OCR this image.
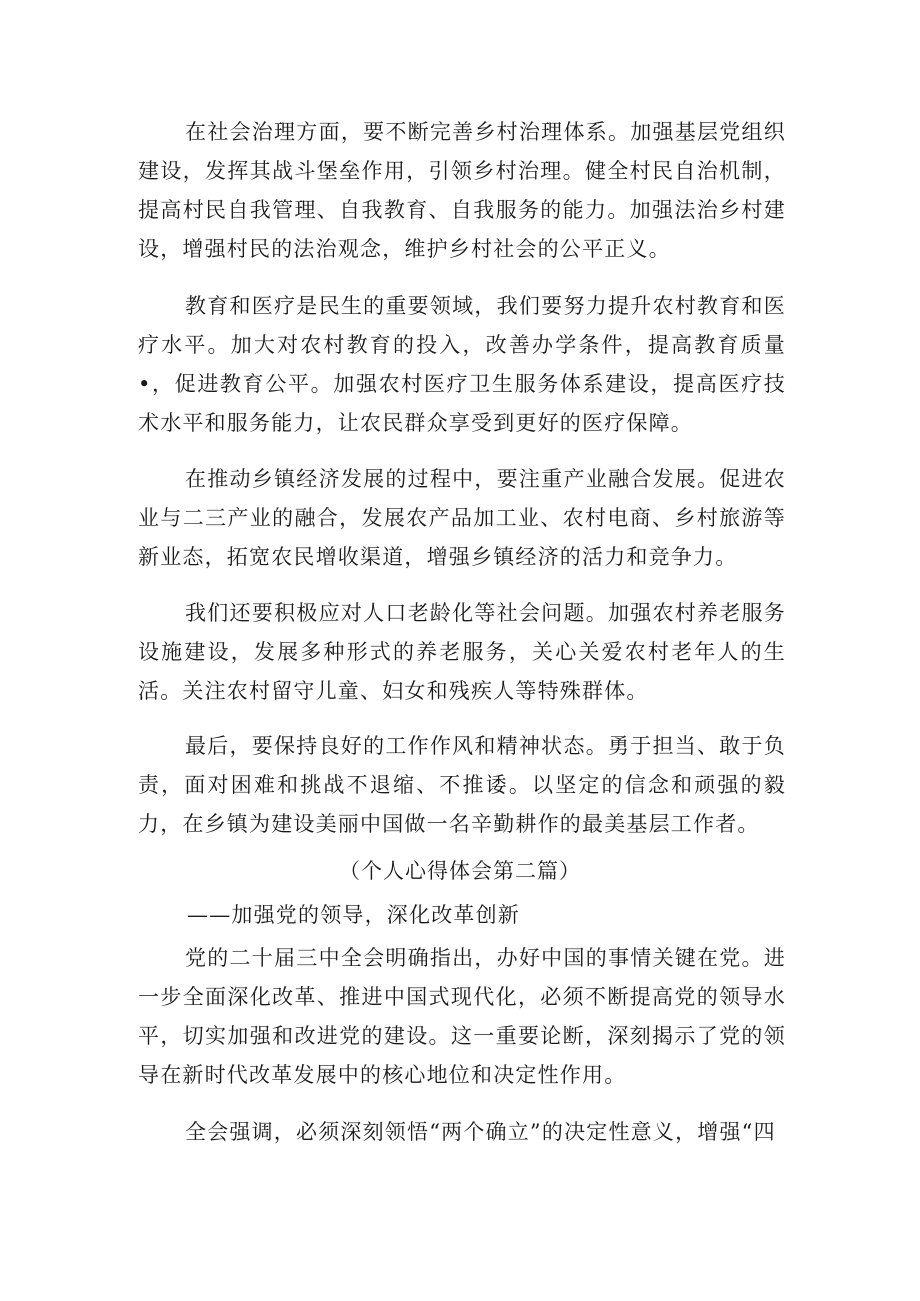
在社会治理方面，要不断完善乡村治理体系。加强基层党组织建设，发挥其战斗堡垒作用，引领乡村治理。健全村民自治机制，提高村民自我管理、自我教育、自我服务的能力。加强法治乡村建设，增强村民的法治观念，维护乡村社会的公平正义。

教育和医疗是民生的重要领域，我们要努力提升农村教育和医疗水平。加大对农村教育的投入，改善办学条件，提高教育质量•，促进教育公平。加强农村医疗卫生服务体系建设，提高医疗技术水平和服务能力，让农民群众享受到更好的医疗保障。

在推动乡镇经济发展的过程中，要注重产业融合发展。促进农业与二三产业的融合，发展农产品加工业、农村电商、乡村旅游等新业态，拓宽农民增收渠道，增强乡镇经济的活力和竞争力。

我们还要积极应对人口老龄化等社会问题。加强农村养老服务设施建设，发展多种形式的养老服务，关心关爱农村老年人的生活。关注农村留守儿童、妇女和残疾人等特殊群体。

最后，要保持良好的工作作风和精神状态。勇于担当、敢于负责，面对困难和挑战不退缩、不推诿。以坚定的信念和顽强的毅力，在乡镇为建设美丽中国做一名辛勤耕作的最美基层工作者。

（个人心得体会第二篇）

——加强党的领导，深化改革创新

党的二十届三中全会明确指出，办好中国的事情关键在党。进一步全面深化改革、推进中国式现代化，必须不断提高党的领导水平，切实加强和改进党的建设。这一重要论断，深刻揭示了党的领导在新时代改革发展中的核心地位和决定性作用。

全会强调，必须深刻领悟“两个确立”的决定性意义，增强“四
